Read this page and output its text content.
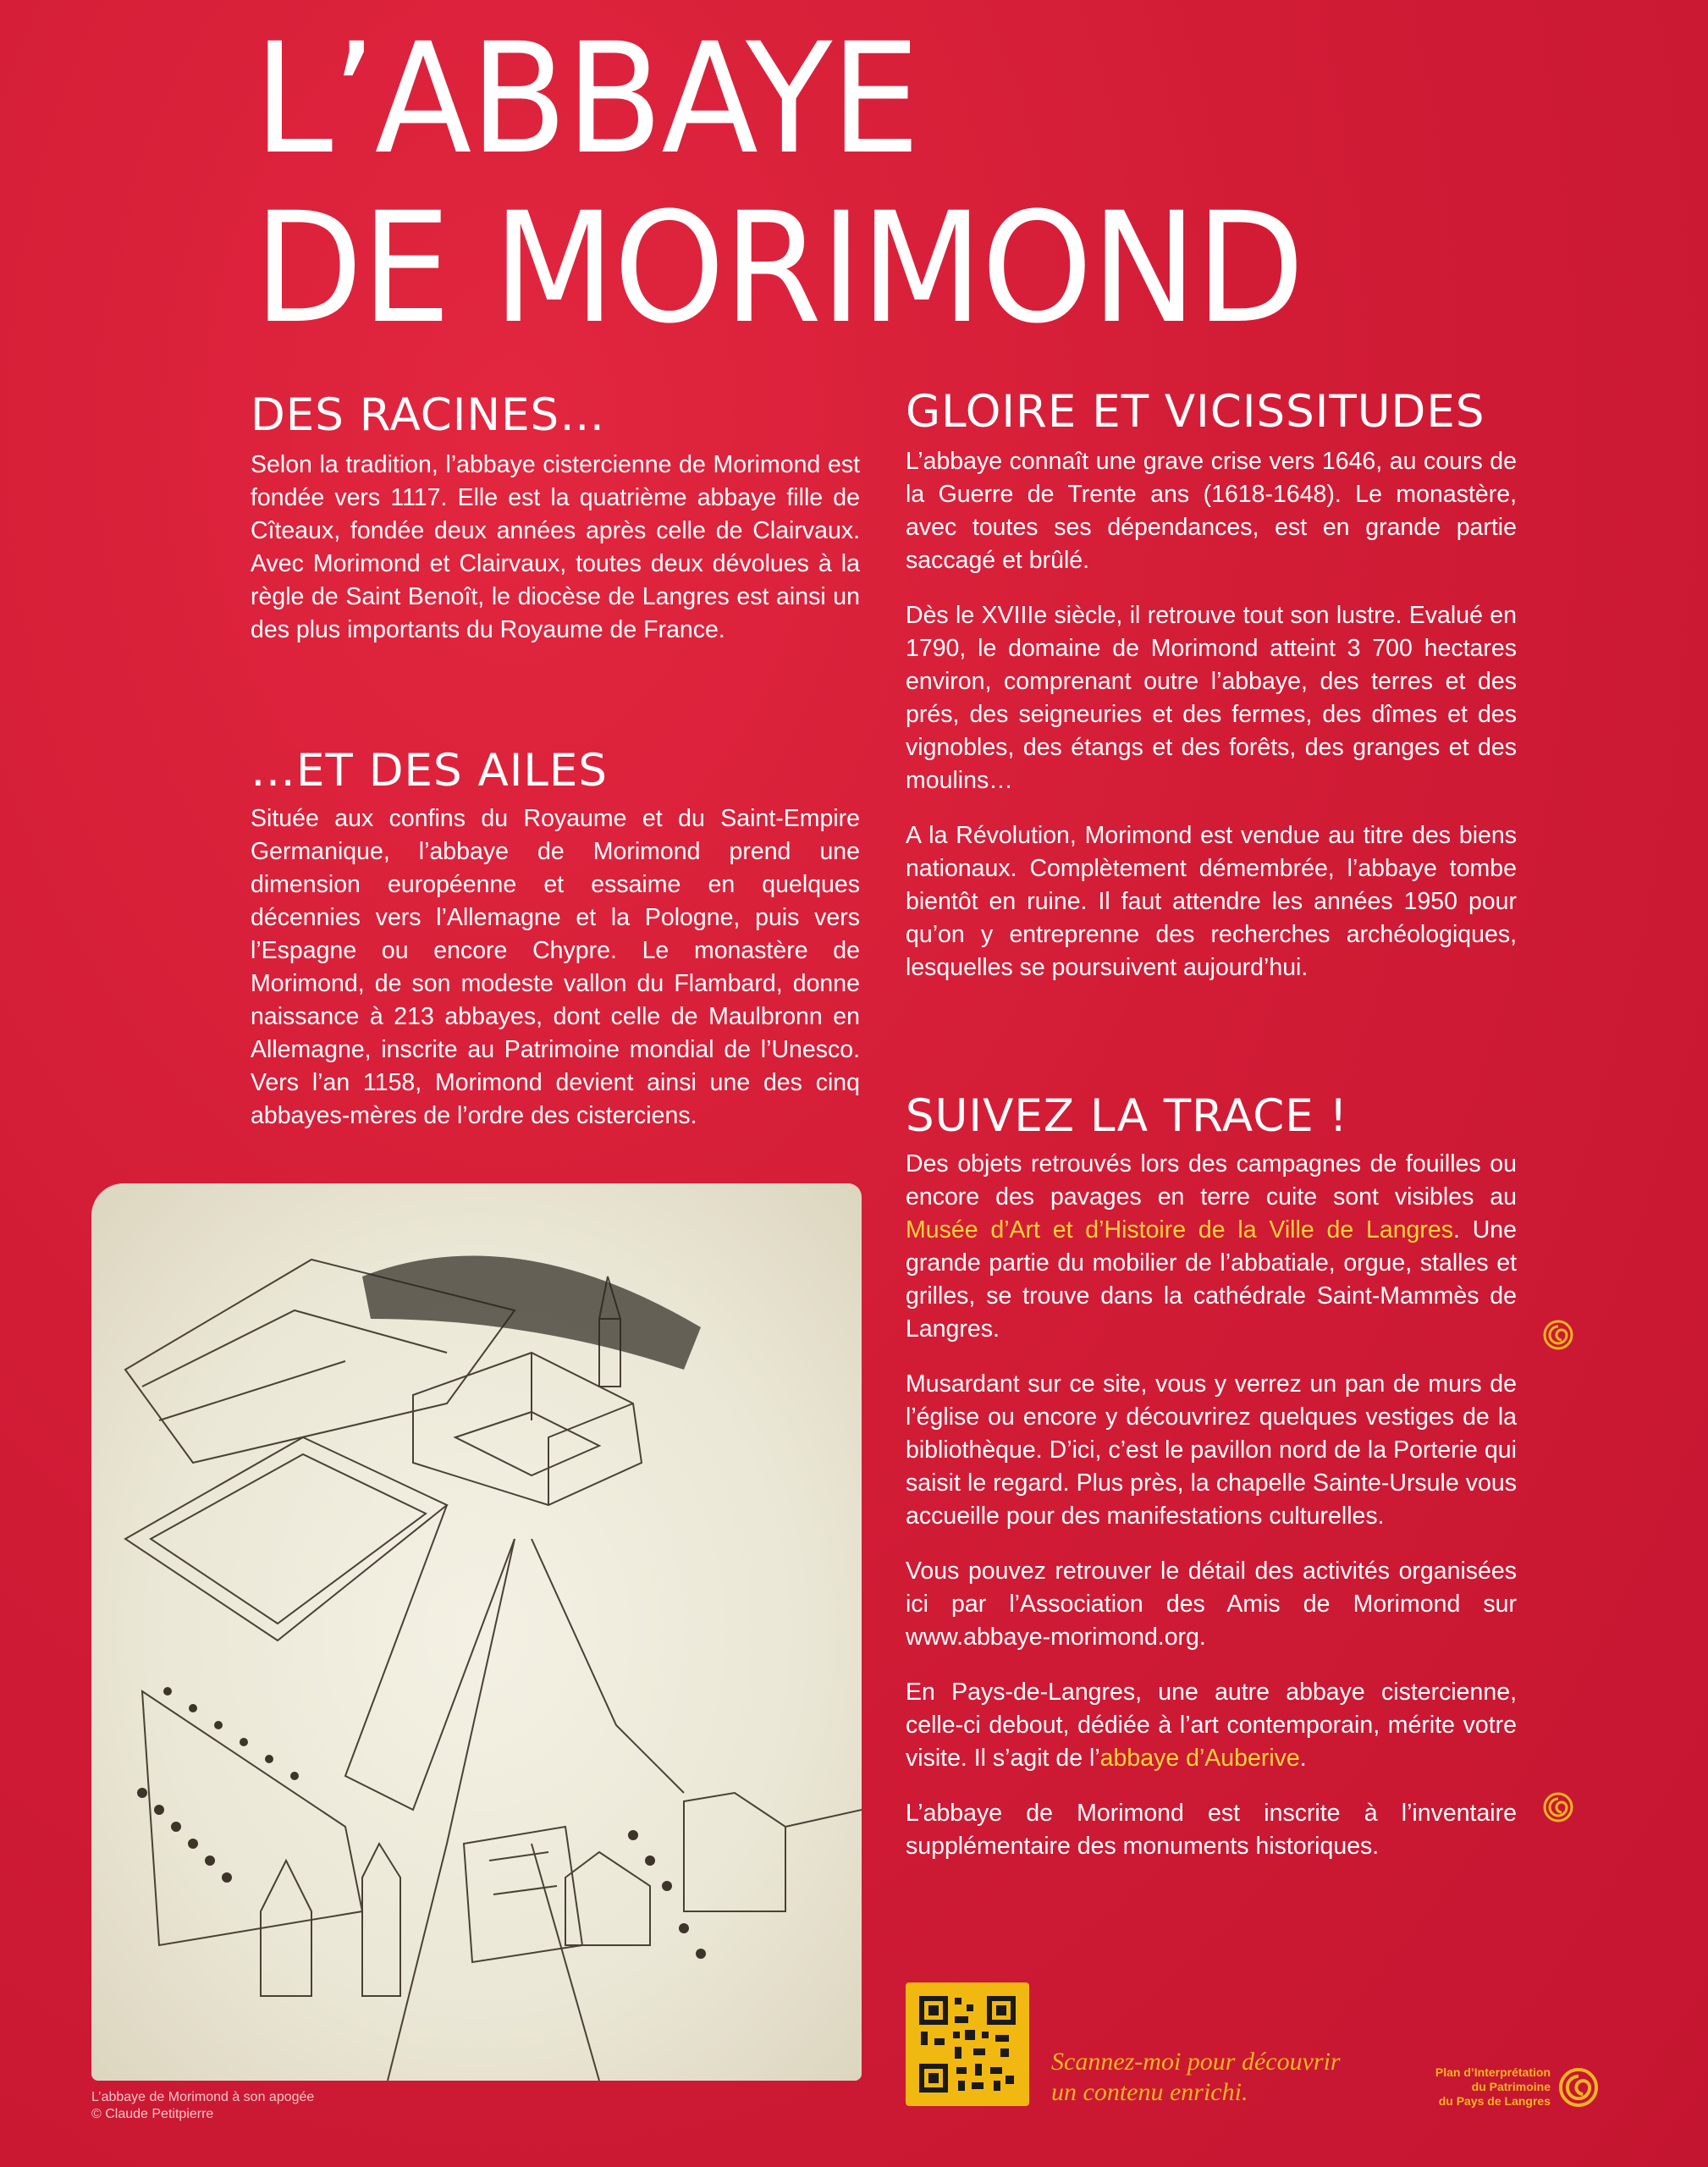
L’ABBAYE
DE MORIMOND
DES RACINES…

Selon la tradition, l’abbaye cistercienne de Morimond est fondée vers 1117. Elle est la quatrième abbaye fille de Cîteaux, fondée deux années après celle de Clairvaux. Avec Morimond et Clairvaux, toutes deux dévolues à la règle de Saint Benoît, le diocèse de Langres est ainsi un des plus importants du Royaume de France.

…ET DES AILES

Située aux confins du Royaume et du Saint-Empire Germanique, l’abbaye de Morimond prend une dimension européenne et essaime en quelques décennies vers l’Allemagne et la Pologne, puis vers l’Espagne ou encore Chypre. Le monastère de Morimond, de son modeste vallon du Flambard, donne naissance à 213 abbayes, dont celle de Maulbronn en Allemagne, inscrite au Patrimoine mondial de l’Unesco. Vers l’an 1158, Morimond devient ainsi une des cinq abbayes-mères de l’ordre des cisterciens.

GLOIRE ET VICISSITUDES

L’abbaye connaît une grave crise vers 1646, au cours de la Guerre de Trente ans (1618-1648). Le monastère, avec toutes ses dépendances, est en grande partie saccagé et brûlé.

Dès le XVIIIe siècle, il retrouve tout son lustre. Evalué en 1790, le domaine de Morimond atteint 3 700 hectares environ, comprenant outre l’abbaye, des terres et des prés, des seigneuries et des fermes, des dîmes et des vignobles, des étangs et des forêts, des granges et des moulins…

A la Révolution, Morimond est vendue au titre des biens nationaux. Complètement démembrée, l’abbaye tombe bientôt en ruine. Il faut attendre les années 1950 pour qu’on y entreprenne des recherches archéologiques, lesquelles se poursuivent aujourd’hui.

SUIVEZ LA TRACE !

Des objets retrouvés lors des campagnes de fouilles ou encore des pavages en terre cuite sont visibles au Musée d’Art et d’Histoire de la Ville de Langres. Une grande partie du mobilier de l’abbatiale, orgue, stalles et grilles, se trouve dans la cathédrale Saint-Mammès de Langres.

Musardant sur ce site, vous y verrez un pan de murs de l’église ou encore y découvrirez quelques vestiges de la bibliothèque. D’ici, c’est le pavillon nord de la Porterie qui saisit le regard. Plus près, la chapelle Sainte-Ursule vous accueille pour des manifestations culturelles.

Vous pouvez retrouver le détail des activités organisées ici par l’Association des Amis de Morimond sur www.abbaye-morimond.org.

En Pays-de-Langres, une autre abbaye cistercienne, celle-ci debout, dédiée à l’art contemporain, mérite votre visite. Il s’agit de l’abbaye d’Auberive.

L’abbaye de Morimond est inscrite à l’inventaire supplémentaire des monuments historiques.

L’abbaye de Morimond à son apogée
© Claude Petitpierre
Scannez-moi pour découvrir
un contenu enrichi.
Plan d’Interprétation
du Patrimoine
du Pays de Langres
